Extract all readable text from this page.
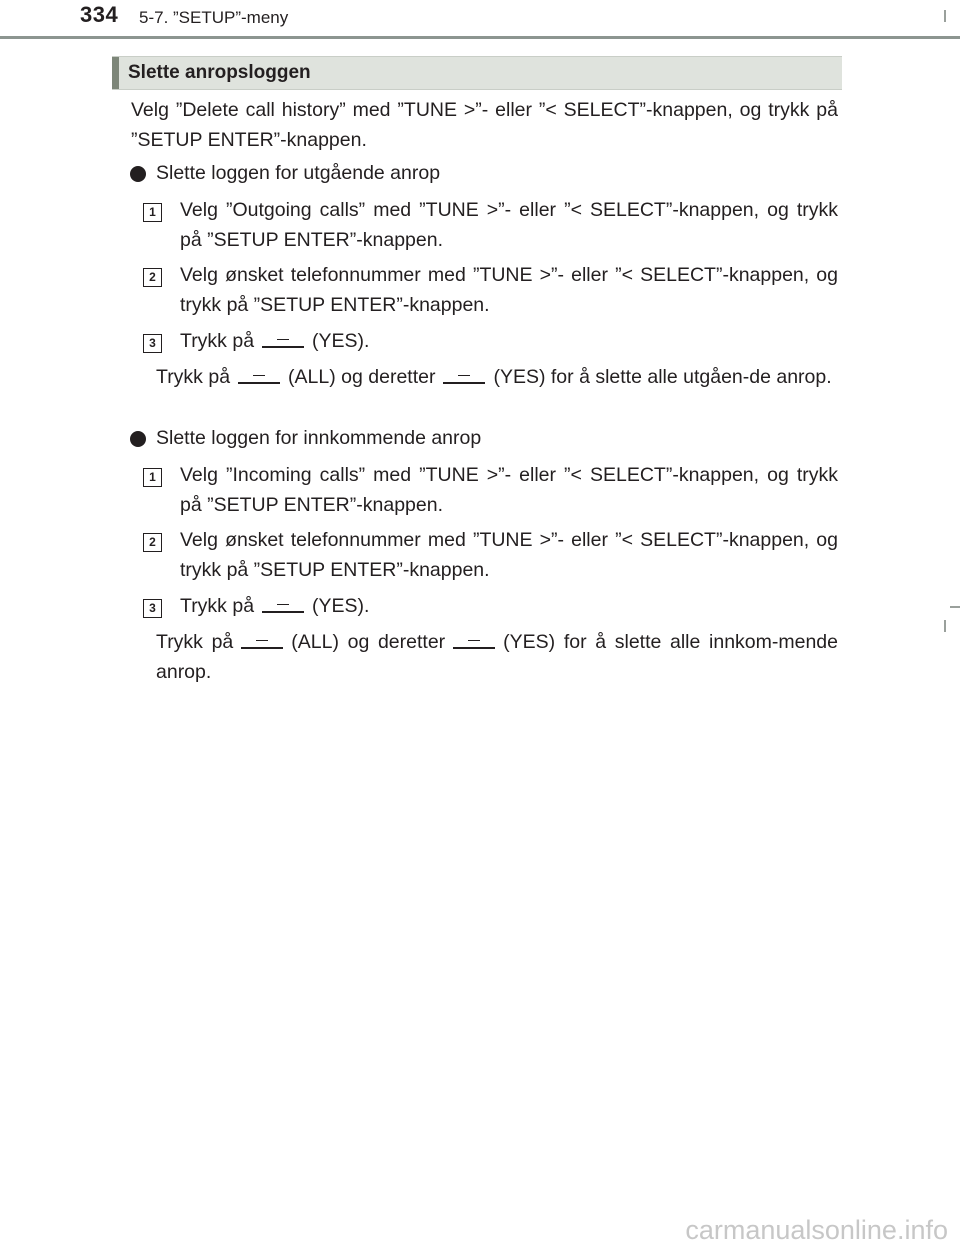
334 5-7. ”SETUP”-meny
Slette anropsloggen
Velg ”Delete call history” med ”TUNE >”- eller ”< SELECT”-knappen, og trykk på ”SETUP ENTER”-knappen.
Slette loggen for utgående anrop
1	Velg ”Outgoing calls” med ”TUNE >”- eller ”< SELECT”-knappen, og trykk på ”SETUP ENTER”-knappen.
2	Velg ønsket telefonnummer med ”TUNE >”- eller ”< SELECT”-knappen, og trykk på ”SETUP ENTER”-knappen.
3	Trykk på	(YES).
Trykk på	(ALL) og deretter	(YES) for å slette alle utgåen-de anrop.
Slette loggen for innkommende anrop
1	Velg ”Incoming calls” med ”TUNE >”- eller ”< SELECT”-knappen, og trykk på ”SETUP ENTER”-knappen.
2	Velg ønsket telefonnummer med ”TUNE >”- eller ”< SELECT”-knappen, og trykk på ”SETUP ENTER”-knappen.
3	Trykk på	(YES).
Trykk på	(ALL) og deretter	(YES) for å slette alle innkom-mende anrop.
carmanualsonline.info
